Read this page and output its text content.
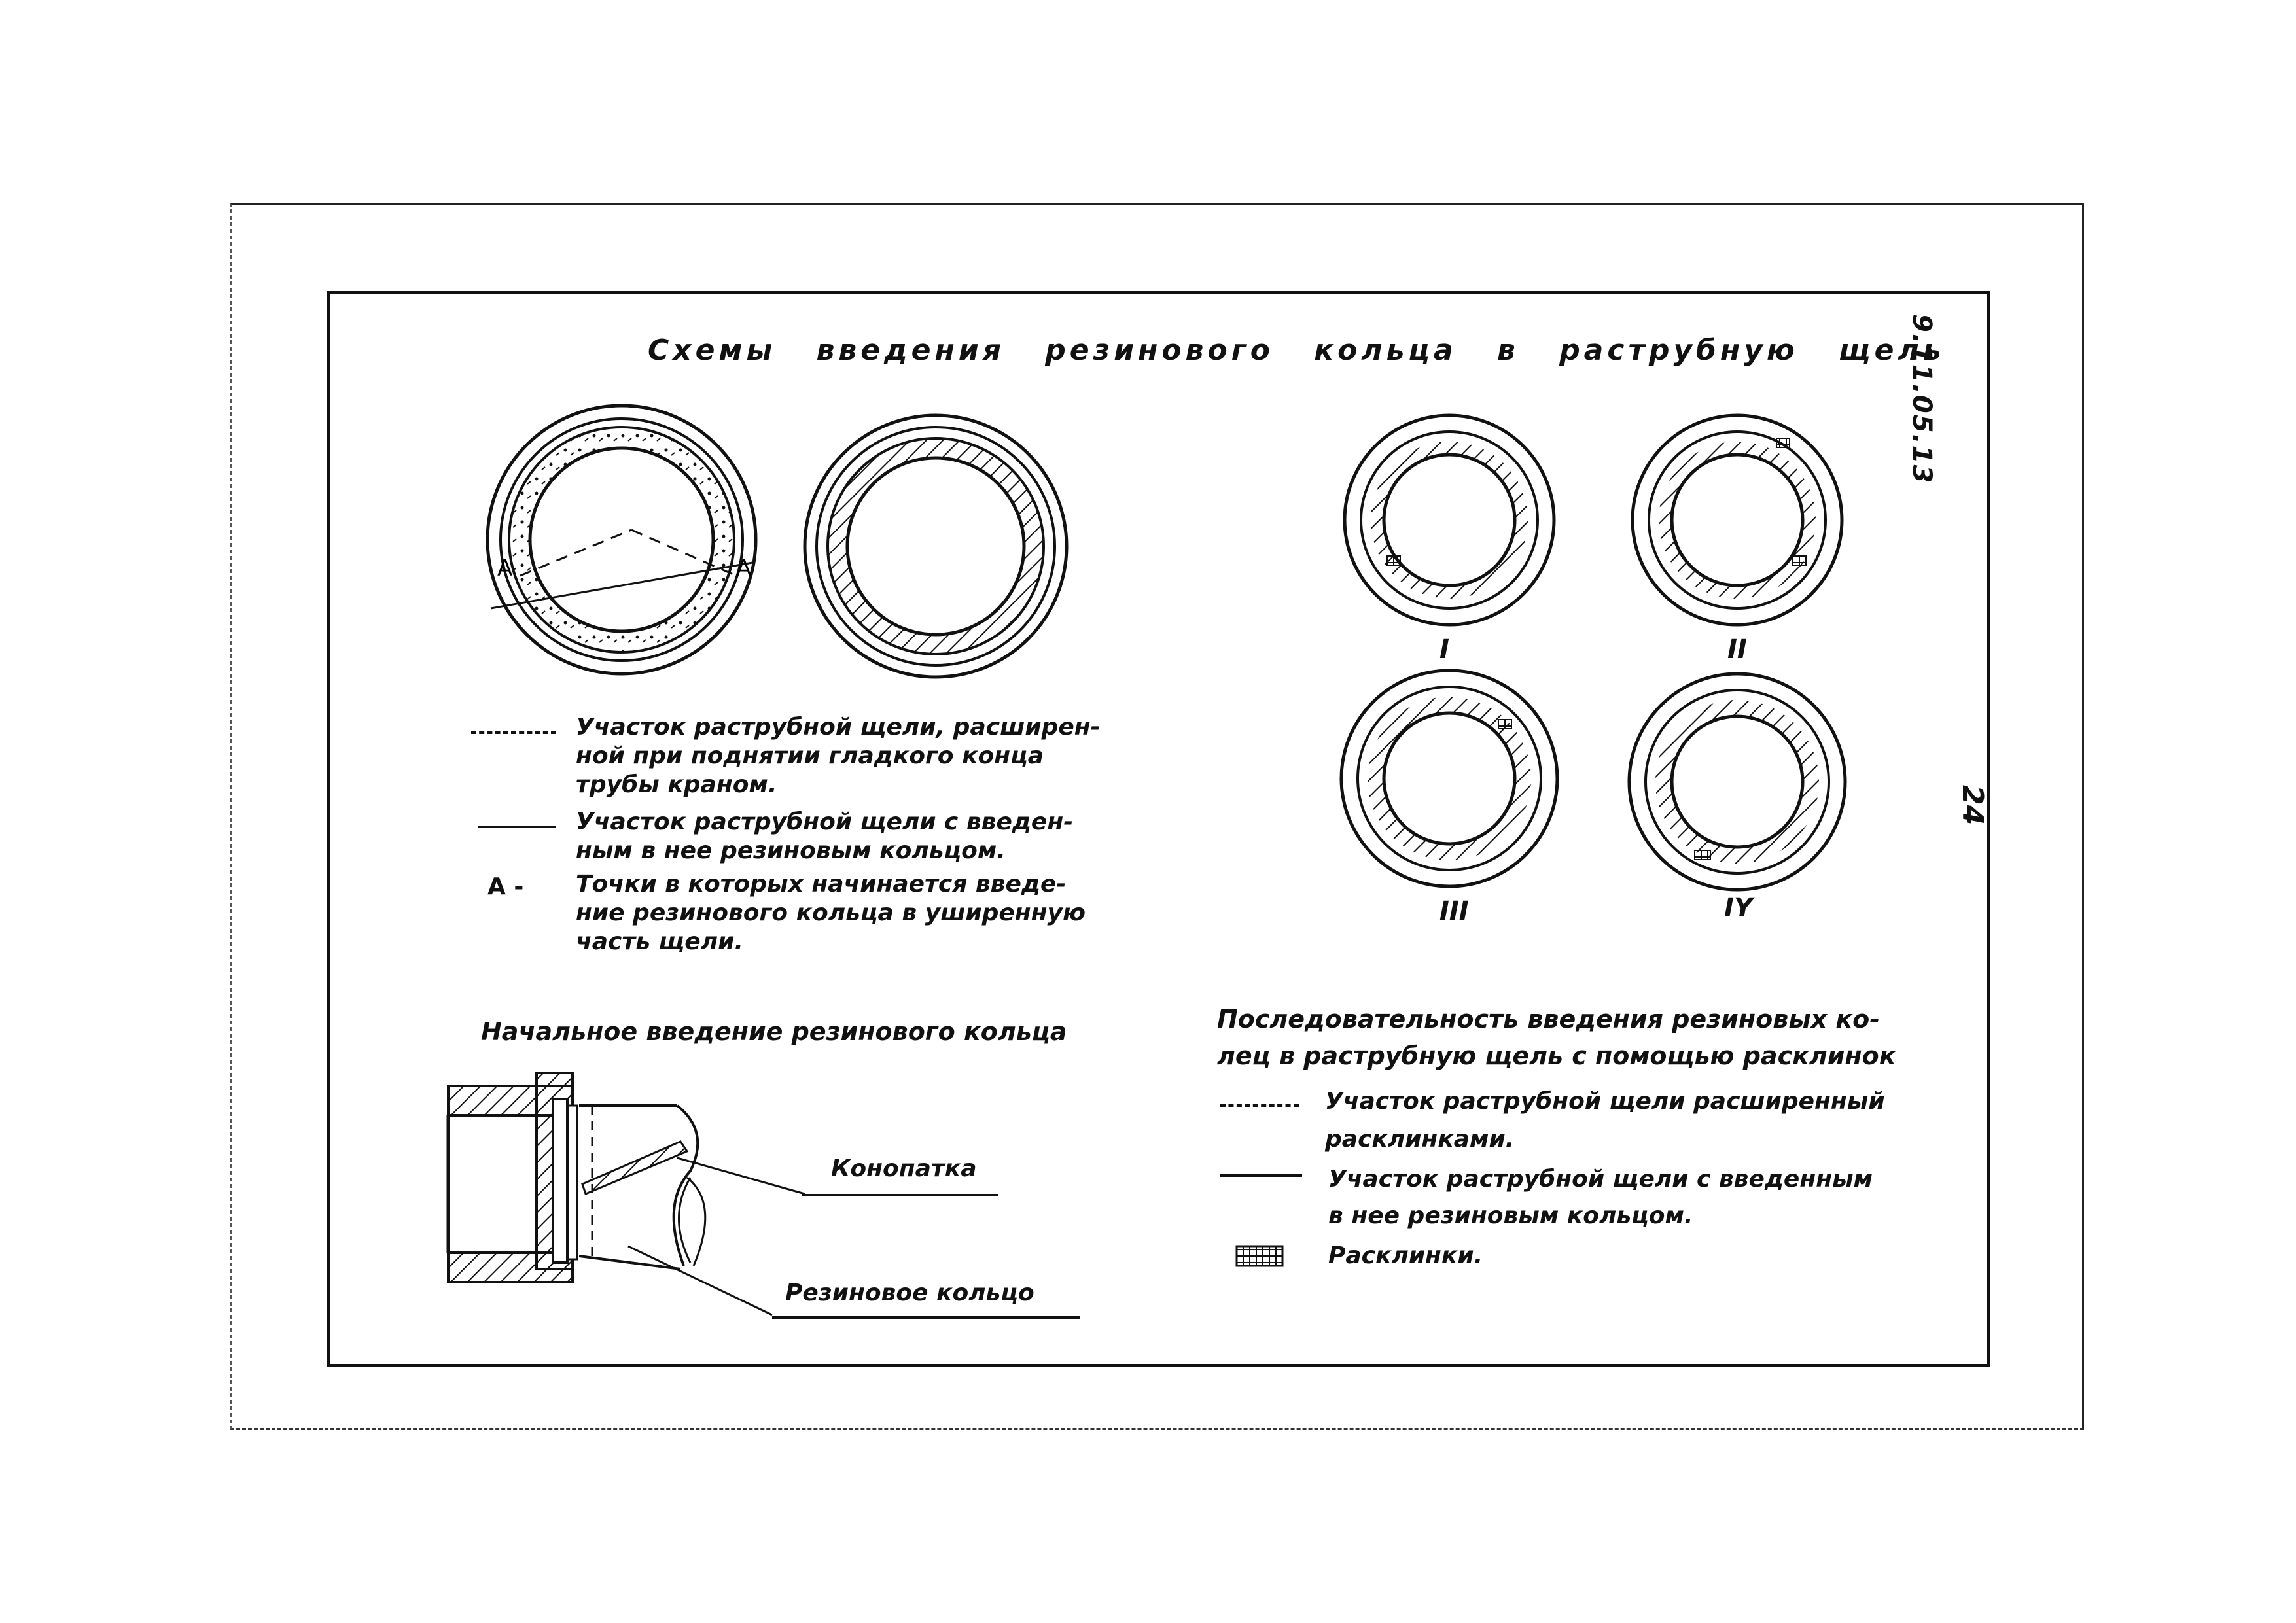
Схемы введения резинового кольца в раструбную щель
9.11.05.13
24
А	А
I	II
III	IY
Участок раструбной щели, расширен-
ной при поднятии гладкого конца
трубы краном.
Участок раструбной щели с введен-
ным в нее резиновым кольцом.
А - Точки в которых начинается введе-
ние резинового кольца в уширенную
часть щели.
Начальное введение резинового кольца
Конопатка
Резиновое кольцо
Последовательность введения резиновых ко-
лец в раструбную щель с помощью расклинок
Участок раструбной щели расширенный
расклинками.
Участок раструбной щели с введенным
в нее резиновым кольцом.
Расклинки.
